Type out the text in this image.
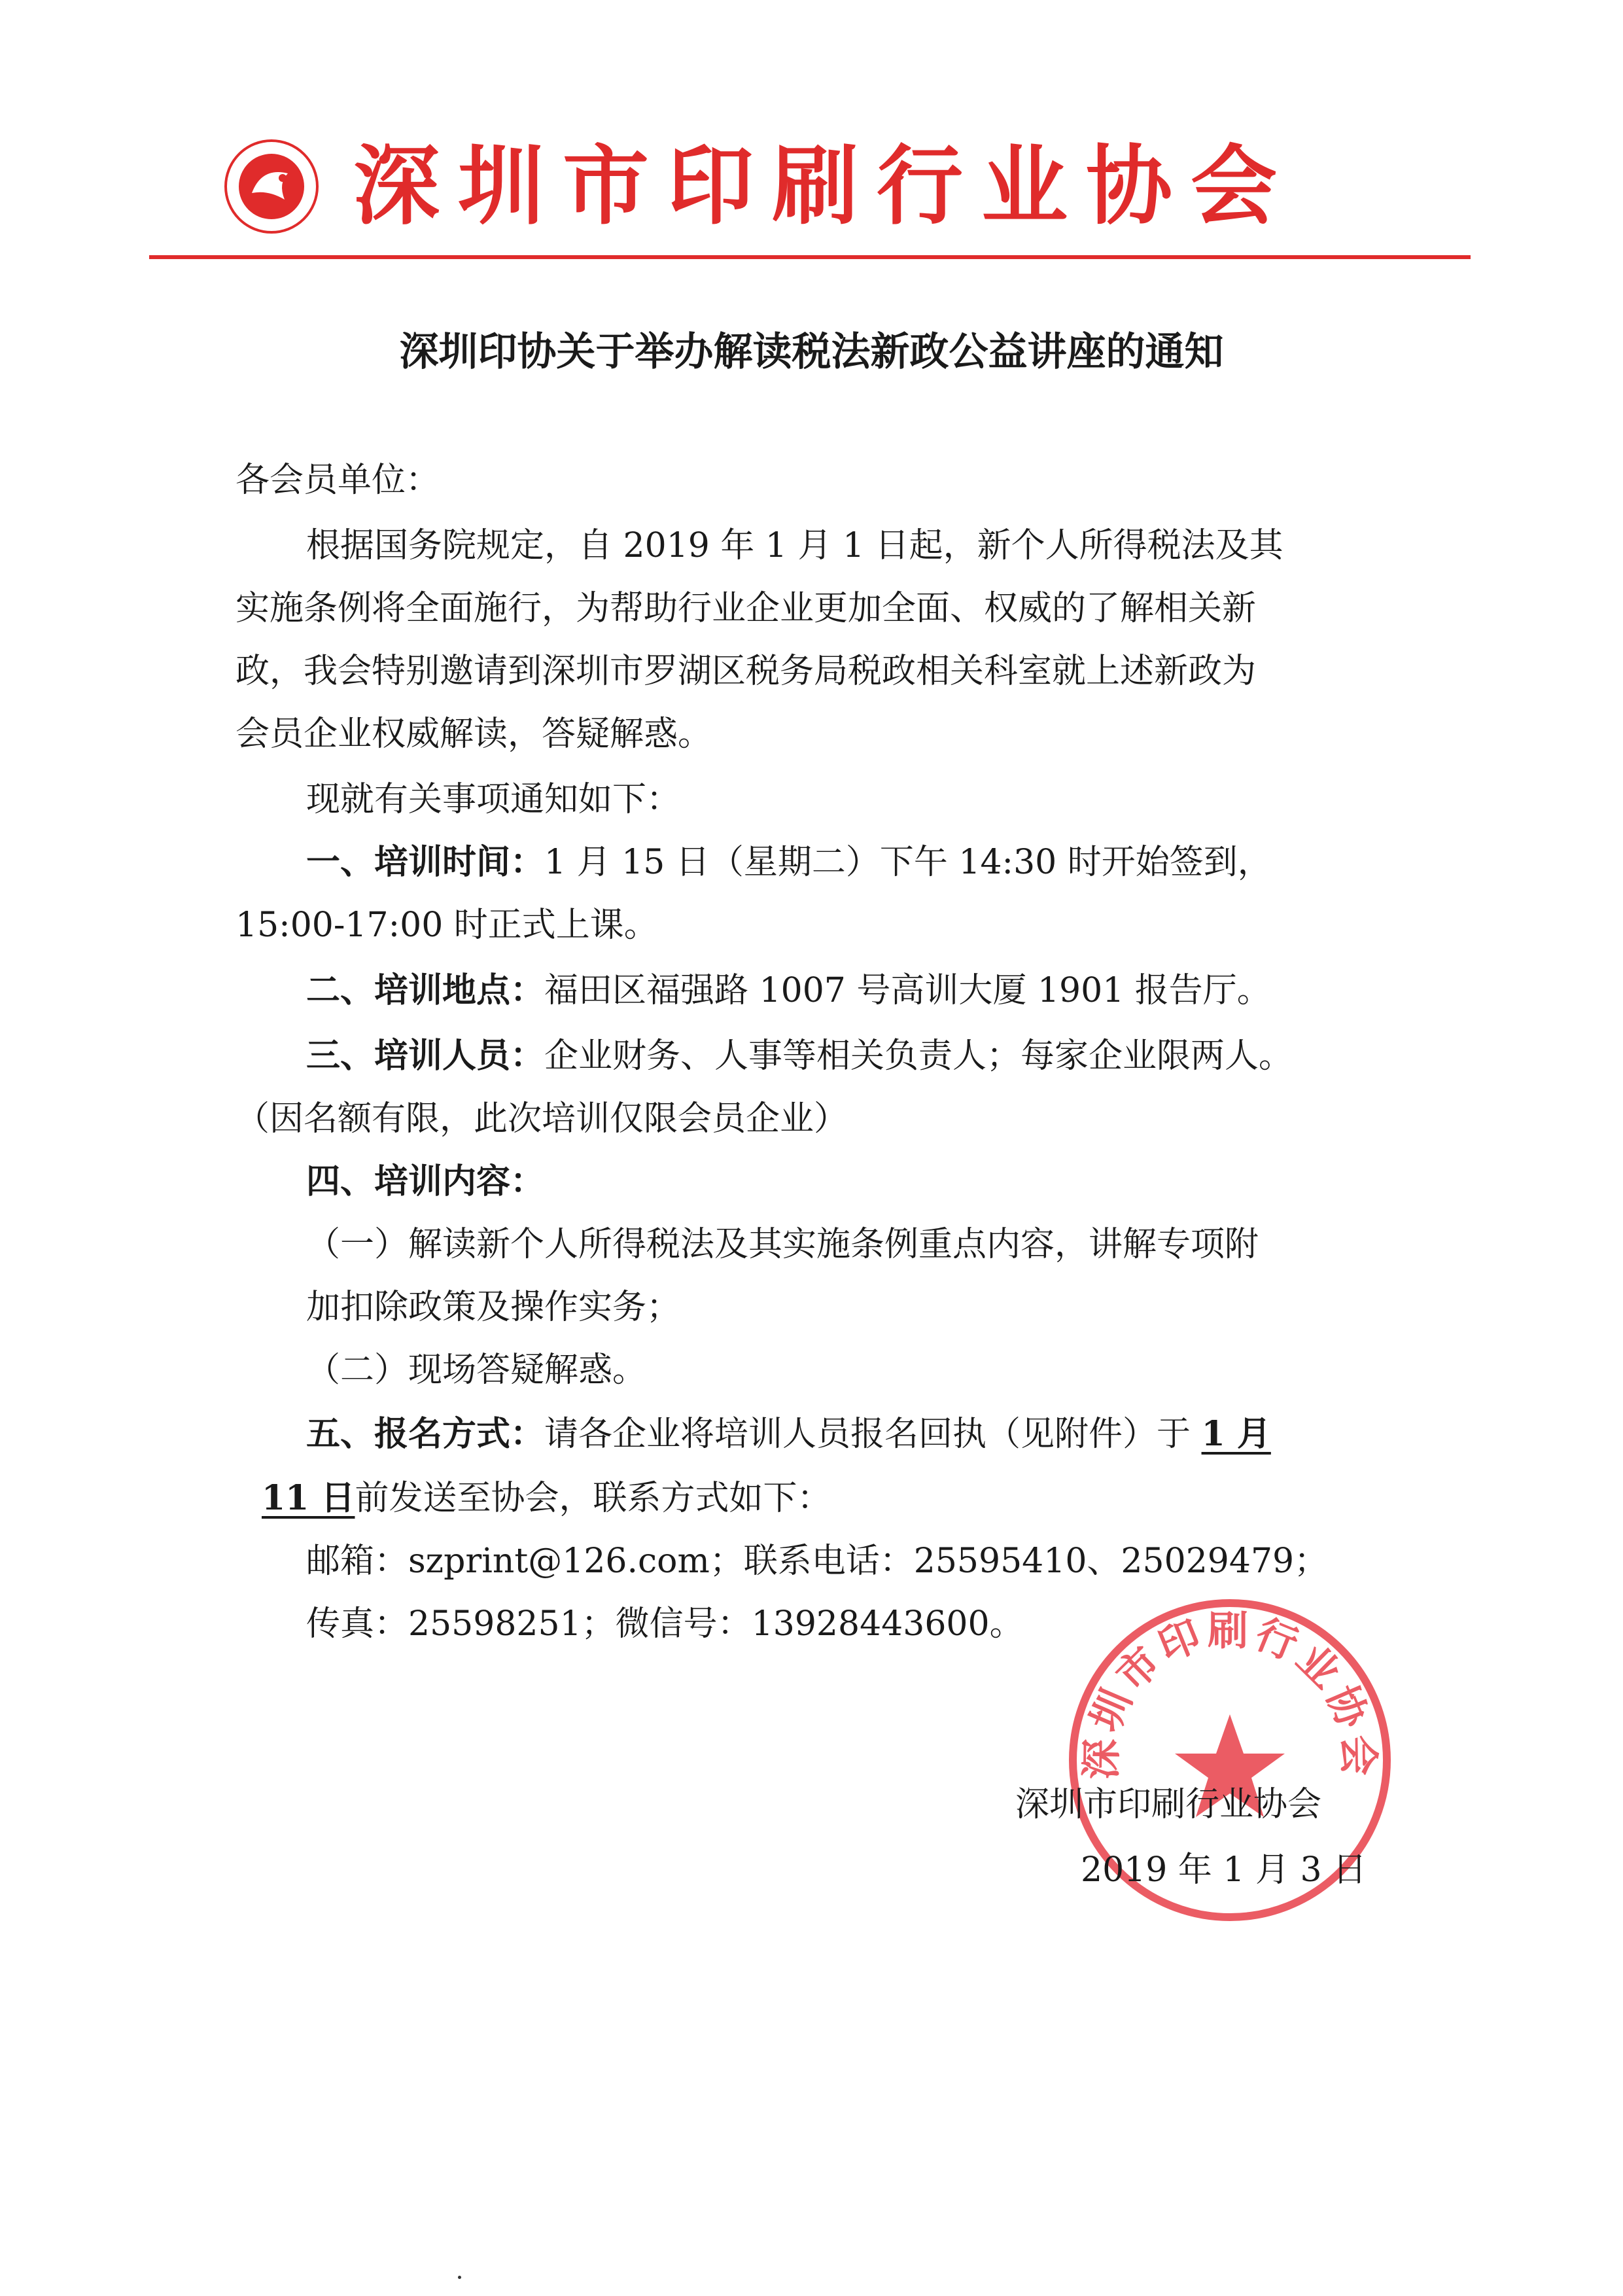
深圳市印刷行业协会
深圳印协关于举办解读税法新政公益讲座的通知
各会员单位：
根据国务院规定，自 2019 年 1 月 1 日起，新个人所得税法及其
实施条例将全面施行，为帮助行业企业更加全面、权威的了解相关新
政，我会特别邀请到深圳市罗湖区税务局税政相关科室就上述新政为
会员企业权威解读，答疑解惑。
现就有关事项通知如下：
一、培训时间：1 月 15 日（星期二）下午 14:30 时开始签到，
15:00-17:00 时正式上课。
二、培训地点：福田区福强路 1007 号高训大厦 1901 报告厅。
三、培训人员：企业财务、人事等相关负责人；每家企业限两人。
（因名额有限，此次培训仅限会员企业）
四、培训内容：
（一）解读新个人所得税法及其实施条例重点内容，讲解专项附
加扣除政策及操作实务；
（二）现场答疑解惑。
五、报名方式：请各企业将培训人员报名回执（见附件）于 1 月
11 日前发送至协会，联系方式如下：
邮箱：szprint@126.com；联系电话：25595410、25029479；
传真：25598251；微信号：13928443600。
深圳市印刷行业协会
深圳市印刷行业协会
2019 年 1 月 3 日
